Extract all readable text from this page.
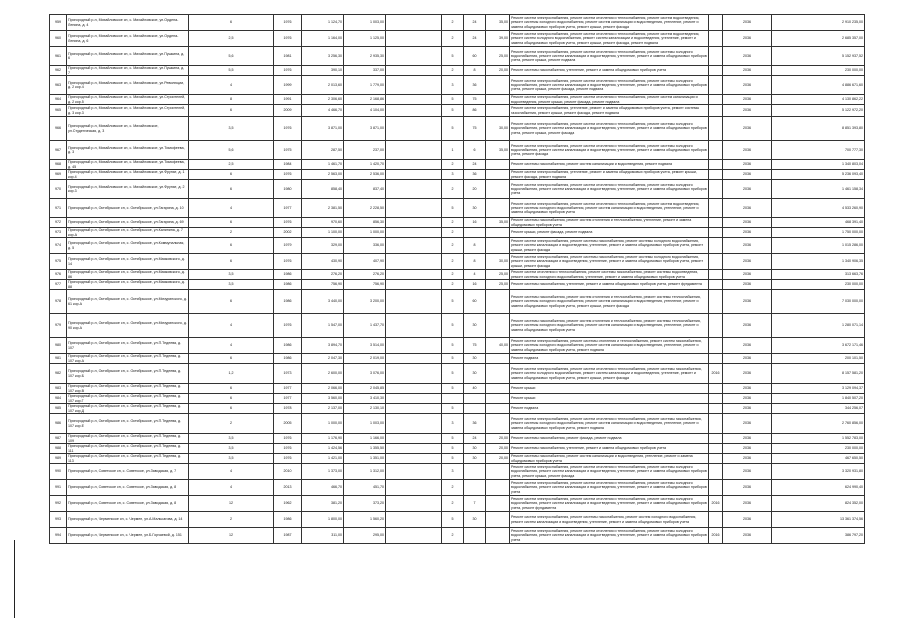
959	Пригородный р-н, Михайловское сп, с. Михайловское, ул.Ордена-Ленина, д. 4	6	1976	1 124,70	1 003,00		2	24	35,00	Ремонт систем электроснабжения, ремонт систем отопления и теплоснабжения, ремонт систем водоотведения, ремонт системы холодного водоснабжения, ремонт систем канализации и водоотведения, утепление, ремонт и замена общедомовых приборов учета, ремонт крыши, ремонт фасада		2036	2 910 235,00
960	Пригородный р-н, Михайловское сп, с. Михайловское, ул.Ордена-Ленина, д. 6	2,5	1976	1 164,00	1 125,00		2	24	39,00	Ремонт систем электроснабжения, ремонт систем отопления и теплоснабжения, ремонт систем водоотведения, ремонт систем холодного водоснабжения, ремонт систем канализации и водоотведения, утепление, ремонт и замена общедомовых приборов учета, ремонт крыши, ремонт фасада, ремонт подвала		2036	2 685 357,00
961	Пригородный р-н, Михайловское сп, с. Михайловское, ул.Пушкина, д. 6	5,6	1981	3 256,30	2 935,30		5	60	25,00	Ремонт систем электроснабжения, ремонт систем отопления и теплоснабжения, ремонт системы холодного водоснабжения, ремонт систем канализации и водоотведения, утепление, ремонт и замена общедомовых приборов учета, ремонт крыши, ремонт подвала		2036	5 152 937,52
962	Пригородный р-н, Михайловское сп, с. Михайловское, ул.Пушкина, д. 7	5,5	1976	390,10	337,00		2	8	20,00	Ремонт системы газоснабжения, утепление, ремонт и замена общедомовых приборов учета		2036	230 000,00
963	Пригородный р-н, Михайловское сп, с. Михайловское, ул.Революции, д. 2 кор.4	4	1999	2 013,60	1 779,00		3	36		Ремонт систем электроснабжения, ремонт систем отопления и теплоснабжения, ремонт системы холодного водоснабжения, ремонт систем канализации и водоотведения, утепление, ремонт и замена общедомовых приборов учета, ремонт крыши, ремонт фасада, ремонт подвала		2036	4 886 671,60
964	Пригородный р-н, Михайловское сп, с. Михайловское, ул.Строителей, д. 2 кор.5	8	1991	2 306,60	2 168,86		5	75		Ремонт систем электроснабжения, ремонт систем отопления и теплоснабжения, ремонт систем канализации и водоотведения, ремонт крыши, ремонт фасада, ремонт подвала		2036	4 130 862,22
965	Пригородный р-н, Михайловское сп, с. Михайловское, ул.Строителей, д. 3 кор.3	6	2009	4 466,70	4 104,00		5	86		Ремонт систем электроснабжения, утепление, ремонт и замена общедомовых приборов учета, ремонт системы газоснабжения, ремонт крыши, ремонт фасада, ремонт подвала		2036	5 122 972,20
966	Пригородный р-н, Михайловское сп, с. Михайловское, ул.Студенческая, д. 3	3,5	1976	3 871,00	3 871,00		5	75	30,00	Ремонт систем электроснабжения, ремонт систем отопления и теплоснабжения, ремонт системы холодного водоснабжения, ремонт систем канализации и водоотведения, утепление, ремонт и замена общедомовых приборов учета, ремонт крыши, ремонт фасада		2036	8 851 393,80
967	Пригородный р-н, Михайловское сп, с. Михайловское, ул.Тимофеева, д. 3	5,6	1975	287,50	237,00		1	6	35,00	Ремонт систем электроснабжения, ремонт систем отопления и теплоснабжения, ремонт системы холодного водоснабжения, ремонт систем канализации и водоотведения, утепление, ремонт и замена общедомовых приборов учета, ремонт фасада		2036	700 777,30
968	Пригородный р-н, Михайловское сп, с. Михайловское, ул.Тимофеева, д. 45	2,5	1984	1 461,70	1 420,70		2	24		Ремонт системы газоснабжения, ремонт систем канализации и водоотведения, ремонт подвала		2036	1 340 803,04
969	Пригородный р-н, Михайловское сп, с. Михайловское, ул.Фрунзе, д. 1 кор.4	6	1976	2 563,00	2 536,00		3	36		Ремонт систем электроснабжения, утепление, ремонт и замена общедомовых приборов учета, ремонт крыши, ремонт фасада, ремонт подвала		2036	5 236 093,40
970	Пригородный р-н, Михайловское сп, с. Михайловское, ул.Фрунзе, д. 2 кор.3	6	1980	858,40	837,40		2	20		Ремонт систем электроснабжения, ремонт систем отопления и теплоснабжения, ремонт системы холодного водоснабжения, ремонт систем канализации и водоотведения, утепление, ремонт и замена общедомовых приборов учета		2036	1 461 158,34
971	Пригородный р-н, Октябрьское сп, с. Октябрьское, ул.Гагарина, д. 10	4	1977	2 381,50	2 228,50		5	30		Ремонт систем электроснабжения, ремонт систем отопления и теплоснабжения, ремонт систем водоотведения, ремонт системы холодного водоснабжения, ремонт систем канализации и водоотведения, утепление, ремонт и замена общедомовых приборов учета		2036	4 533 260,90
972	Пригородный р-н, Октябрьское сп, с. Октябрьское, ул.Гагарина, д. 69	6	1976	970,60	856,30		2	16	35,00	Ремонт системы газоснабжения, ремонт систем отопления и теплоснабжения, утепление, ремонт и замена общедомовых приборов учета		2036	468 391,40
973	Пригородный р-н, Октябрьское сп, с. Октябрьское, ул.Калинина, д. 7 кор.А	2	2002	1 100,00	1 000,00		2			Ремонт крыши, ремонт фасада, ремонт подвала		2036	1 750 000,00
974	Пригородный р-н, Октябрьское сп, с. Октябрьское, ул.Коммунальная, д. 5	6	1979	329,00	336,00		2	8		Ремонт систем электроснабжения, ремонт системы газоснабжения, ремонт системы холодного водоснабжения, ремонт систем канализации и водоотведения, утепление, ремонт и замена общедомовых приборов учета, ремонт крыши, ремонт фасада		2036	1 015 286,00
975	Пригородный р-н, Октябрьское сп, с. Октябрьское, ул.Маяковского, д. 14	6	1976	430,90	407,90		2	8	30,00	Ремонт систем электроснабжения, ремонт системы газоснабжения, ремонт системы холодного водоснабжения, ремонт систем канализации и водоотведения, утепление, ремонт и замена общедомовых приборов учета, ремонт крыши, ремонт фасада		2036	1 340 906,35
976	Пригородный р-н, Октябрьское сп, с. Октябрьское, ул.Маяковского, д. 86	3,5	1986	276,20	276,20		2	4	25,00	Ремонт систем отопления и теплоснабжения, ремонт системы газоснабжения, ремонт системы водоотведения, ремонт системы холодного водоснабжения, утепление, ремонт и замена общедомовых приборов учета		2036	313 663,76
977	Пригородный р-н, Октябрьское сп, с. Октябрьское, ул.Маяковского, д. 88	3,5	1986	756,90	756,90		2	16	25,00	Ремонт системы газоснабжения, утепление, ремонт и замена общедомовых приборов учета, ремонт фундамента		2036	230 000,00
978	Пригородный р-н, Октябрьское сп, с. Октябрьское, ул.Мичуринского, д. 61 кор.А	6	1986	3 440,00	3 200,00		5	60		Ремонт системы газоснабжения, ремонт систем отопления и теплоснабжения, ремонт системы теплоснабжения, ремонт системы холодного водоснабжения, ремонт систем канализации и водоотведения, утепление, ремонт и замена общедомовых приборов учета, ремонт крыши, ремонт фасада		2036	7 030 000,00
979	Пригородный р-н, Октябрьское сп, с. Октябрьское, ул.Мичуринского, д. 90 кор.А	4	1976	1 547,00	1 437,70		5	30		Ремонт системы газоснабжения, ремонт систем отопления и теплоснабжения, ремонт системы теплоснабжения, ремонт системы холодного водоснабжения, ремонт систем канализации и водоотведения, утепление, ремонт и замена общедомовых приборов учета		2036	1 280 071,14
980	Пригородный р-н, Октябрьское сп, с. Октябрьское, ул.П.Тедеева, д. 107	4	1986	3 894,70	3 514,00		5	75	40,00	Ремонт систем электроснабжения, ремонт системы отопления и теплоснабжения, ремонт систем газоснабжения, ремонт системы холодного водоснабжения, ремонт систем канализации и водоотведения, утепление, ремонт и замена общедомовых приборов учета, ремонт подвала		2036	3 672 171,46
981	Пригородный р-н, Октябрьское сп, с. Октябрьское, ул.П.Тедеева, д. 107 кор.А	6	1986	2 047,30	2 019,00		5	30		Ремонт подвала		2036	200 101,50
982	Пригородный р-н, Октябрьское сп, с. Октябрьское, ул.П.Тедеева, д. 107 кор.Б	1,2	1973	2 600,00	3 076,00		5	30		Ремонт систем электроснабжения, ремонт систем отопления и теплоснабжения, ремонт системы газоснабжения, ремонт систем холодного водоснабжения, ремонт систем канализации и водоотведения, утепление, ремонт и замена общедомовых приборов учета, ремонт крыши, ремонт фасада	2016	2036	8 157 581,20
983	Пригородный р-н, Октябрьское сп, с. Октябрьское, ул.П.Тедеева, д. 107 кор.В	6	1977	2 066,00	2 045,85		5	40		Ремонт крыши		2036	3 129 094,37
984	Пригородный р-н, Октябрьское сп, с. Октябрьское, ул.П.Тедеева, д. 107 кор.Г	6	1977	3 560,00	3 410,30					Ремонт крыши		2036	1 840 507,20
985	Пригородный р-н, Октябрьское сп, с. Октябрьское, ул.П.Тедеева, д. 107 кор.Д	6	1978	2 137,00	2 130,10		5			Ремонт подвала		2036	344 256,07
986	Пригородный р-н, Октябрьское сп, с. Октябрьское, ул.П.Тедеева, д. 107 кор.Е	2	2005	1 000,00	1 003,00		3	36		Ремонт систем электроснабжения, ремонт систем отопления и теплоснабжения, ремонт системы газоснабжения, ремонт системы холодного водоснабжения, ремонт систем канализации и водоотведения, утепление, ремонт и замена общедомовых приборов учета, ремонт подвала		2036	2 760 856,00
987	Пригородный р-н, Октябрьское сп, с. Октябрьское, ул.П.Тедеева, д. 109	3,5	1976	1 176,90	1 166,00		5	24	20,00	Ремонт системы газоснабжения, ремонт фасада, ремонт подвала		2036	1 552 783,00
988	Пригородный р-н, Октябрьское сп, с. Октябрьское, ул.П.Тедеева, д. 111	3,5	1976	1 424,56	1 355,50		5	30	20,00	Ремонт системы газоснабжения, утепление, ремонт и замена общедомовых приборов учета		2036	230 000,00
989	Пригородный р-н, Октябрьское сп, с. Октябрьское, ул.П.Тедеева, д. 113	3,5	1976	1 421,00	1 351,00		5	30	20,00	Ремонт системы газоснабжения, ремонт систем канализации и водоотведения, утепление, ремонт и замена общедомовых приборов учета		2036	467 650,50
990	Пригородный р-н, Советское сп, с. Советское, ул.Заводская, д. 7	4	2010	1 373,00	1 312,00		3			Ремонт систем электроснабжения, ремонт систем отопления и теплоснабжения, ремонт системы холодного водоснабжения, ремонт систем канализации и водоотведения, утепление, ремонт и замена общедомовых приборов учета, ремонт крыши, ремонт фасада		2036	3 320 931,80
991	Пригородный р-н, Советское сп, с. Советское, ул.Заводская, д. 8	4	2013	466,70	451,70		2			Ремонт систем электроснабжения, ремонт систем отопления и теплоснабжения, ремонт системы холодного водоснабжения, ремонт систем канализации и водоотведения, утепление, ремонт и замена общедомовых приборов учета		2036	624 990,40
992	Пригородный р-н, Советское сп, с. Советское, ул.Заводская, д. 8	12	1962	381,20	373,20		2	7		Ремонт систем электроснабжения, ремонт систем отопления и теплоснабжения, ремонт системы холодного водоснабжения, ремонт систем канализации и водоотведения, утепление, ремонт и замена общедомовых приборов учета, ремонт фундамента	2016	2036	824 352,00
993	Пригородный р-н, Черменское сп, с. Чермен, ул.А.Мальсагова, д. 14	2	1986	1 800,00	1 560,20		5	30		Ремонт систем электроснабжения, ремонт системы газоснабжения, ремонт систем холодного водоснабжения, ремонт систем канализации и водоотведения, утепление, ремонт и замена общедомовых приборов учета		2036	13 361 374,56
994	Пригородный р-н, Черменское сп, с. Чермен, ул.Б.Горчаевой, д. 151	12	1987	311,00	295,00		2			Ремонт систем электроснабжения, ремонт систем отопления и теплоснабжения, ремонт системы холодного водоснабжения, ремонт систем канализации и водоотведения, утепление, ремонт и замена общедомовых приборов учета	2016	2036	386 797,20
